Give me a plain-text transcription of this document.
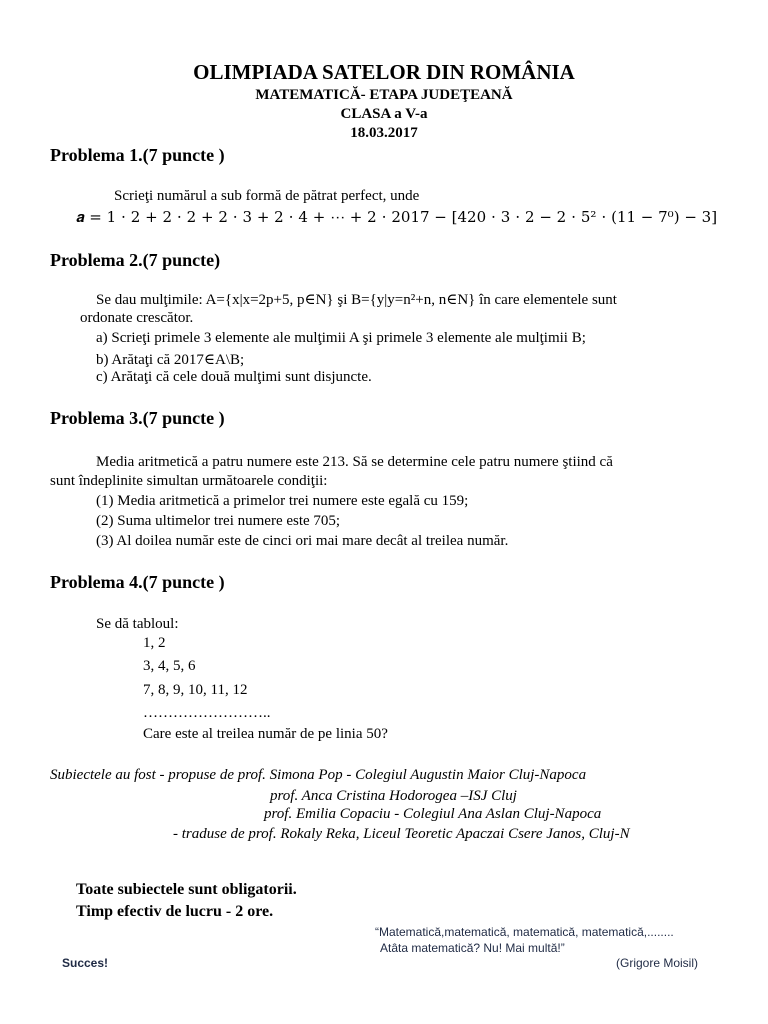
OLIMPIADA SATELOR DIN ROMÂNIA
MATEMATICĂ- ETAPA JUDEŢEANĂ
CLASA a V-a
18.03.2017
Problema 1.(7 puncte )
Scrieţi numărul a sub formă de pătrat perfect, unde
𝒂 = 1 ⋅ 2 + 2 ⋅ 2 + 2 ⋅ 3 + 2 ⋅ 4 + ⋯ + 2 ⋅ 2017 − [420 ⋅ 3 ⋅ 2 − 2 ⋅ 5² ⋅ (11 − 7⁰) − 3]
Problema 2.(7 puncte)
Se dau mulţimile: A={x|x=2p+5, p∈N} şi B={y|y=n²+n, n∈N} în care elementele sunt
ordonate crescător.
a) Scrieţi primele 3 elemente ale mulţimii A şi primele 3 elemente ale mulţimii B;
b) Arătaţi că 2017∈A\B;
c) Arătaţi că cele două mulţimi sunt disjuncte.
Problema 3.(7 puncte )
Media aritmetică a patru numere este 213. Să se determine cele patru numere ştiind că
sunt îndeplinite simultan următoarele condiţii:
(1) Media aritmetică a primelor trei numere este egală cu 159;
(2) Suma ultimelor trei numere este 705;
(3) Al doilea număr este de cinci ori mai mare decât al treilea număr.
Problema 4.(7 puncte )
Se dă tabloul:
1, 2
3, 4, 5, 6
7, 8, 9, 10, 11, 12
……………………..
Care este al treilea număr de pe linia 50?
Subiectele au fost - propuse de prof. Simona Pop - Colegiul Augustin Maior Cluj-Napoca
prof. Anca Cristina Hodorogea –ISJ Cluj
prof. Emilia Copaciu - Colegiul Ana Aslan Cluj-Napoca
- traduse de prof. Rokaly Reka, Liceul Teoretic Apaczai Csere Janos, Cluj-N
Toate subiectele sunt obligatorii.
Timp efectiv de lucru - 2 ore.
“Matematică,matematică, matematică, matematică,........
Atâta matematică? Nu! Mai multă!”
Succes!	(Grigore Moisil)
